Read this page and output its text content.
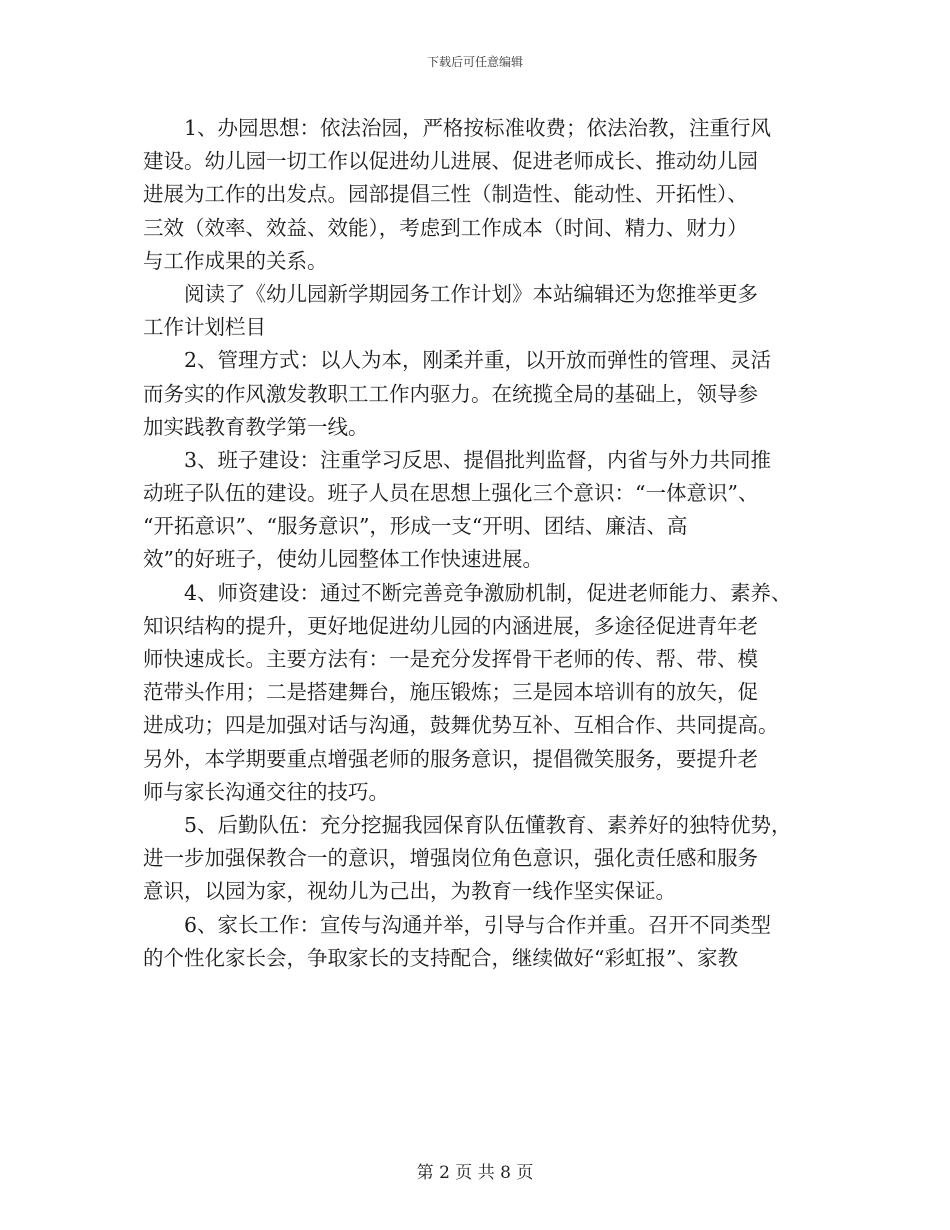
下载后可任意编辑
1、办园思想：依法治园，严格按标准收费；依法治教，注重行风
建设。幼儿园一切工作以促进幼儿进展、促进老师成长、推动幼儿园
进展为工作的出发点。园部提倡三性（制造性、能动性、开拓性）、
三效（效率、效益、效能），考虑到工作成本（时间、精力、财力）
与工作成果的关系。
阅读了《幼儿园新学期园务工作计划》本站编辑还为您推举更多
工作计划栏目
2、管理方式：以人为本，刚柔并重，以开放而弹性的管理、灵活
而务实的作风激发教职工工作内驱力。在统揽全局的基础上，领导参
加实践教育教学第一线。
3、班子建设：注重学习反思、提倡批判监督，内省与外力共同推
动班子队伍的建设。班子人员在思想上强化三个意识：“一体意识”、
“开拓意识”、“服务意识”，形成一支“开明、团结、廉洁、高
效”的好班子，使幼儿园整体工作快速进展。
4、师资建设：通过不断完善竞争激励机制，促进老师能力、素养、
知识结构的提升，更好地促进幼儿园的内涵进展，多途径促进青年老
师快速成长。主要方法有：一是充分发挥骨干老师的传、帮、带、模
范带头作用；二是搭建舞台，施压锻炼；三是园本培训有的放矢，促
进成功；四是加强对话与沟通，鼓舞优势互补、互相合作、共同提高。
另外，本学期要重点增强老师的服务意识，提倡微笑服务，要提升老
师与家长沟通交往的技巧。
5、后勤队伍：充分挖掘我园保育队伍懂教育、素养好的独特优势，
进一步加强保教合一的意识，增强岗位角色意识，强化责任感和服务
意识，以园为家，视幼儿为己出，为教育一线作坚实保证。
6、家长工作：宣传与沟通并举，引导与合作并重。召开不同类型
的个性化家长会，争取家长的支持配合，继续做好“彩虹报”、家教
第 2 页 共 8 页
